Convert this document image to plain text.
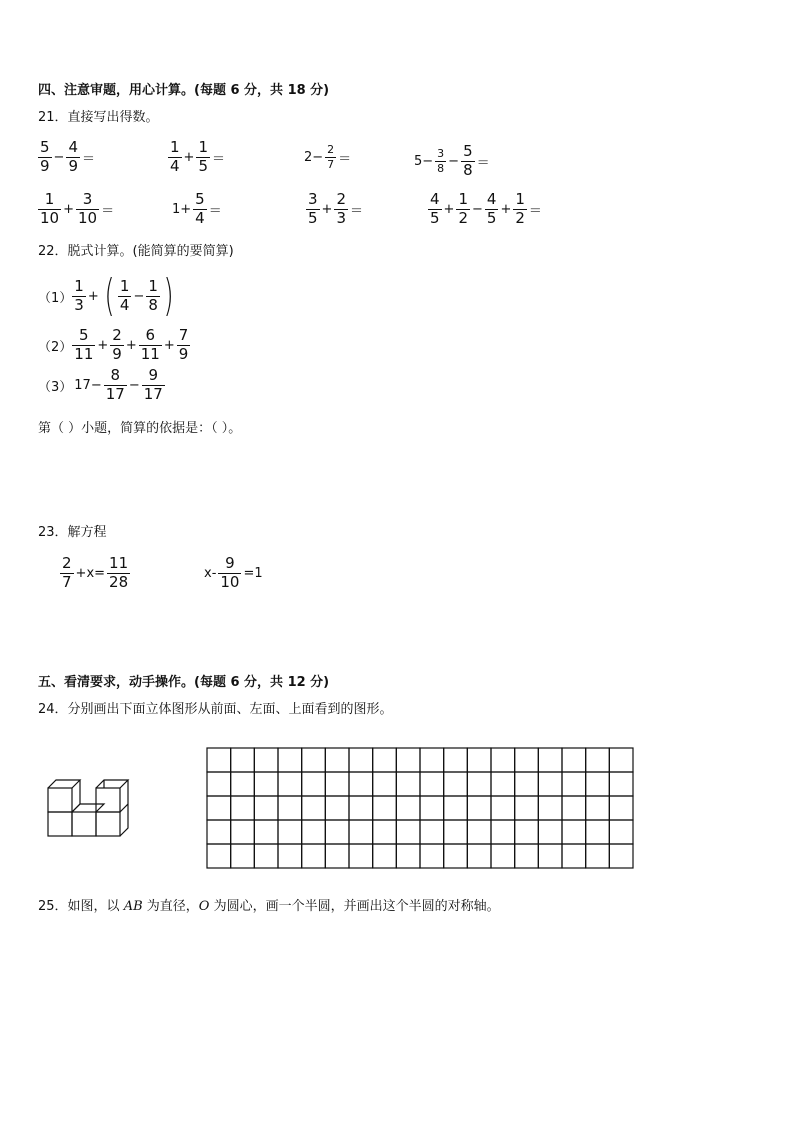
四、注意审题，用心计算。(每题 6 分，共 18 分)
21．直接写出得数。
$\frac{5}{9} - \frac{4}{9}$ ＝	$\frac{1}{4} + \frac{1}{5}$ ＝	$2- \frac{2}{7}$ ＝	$5- \frac{3}{8} - \frac{5}{8}$ ＝
$\frac{1}{10} + \frac{3}{10}$ ＝	$1+ \frac{5}{4}$ ＝	$\frac{3}{5} + \frac{2}{3}$ ＝	$\frac{4}{5} + \frac{1}{2} - \frac{4}{5} + \frac{1}{2}$ ＝
22．脱式计算。(能简算的要简算)
$(1) \frac{1}{3}$ + ( $\frac{1}{4} - \frac{1}{8}$ )
$(2) \frac{5}{11} + \frac{2}{9} + \frac{6}{11} + \frac{7}{9}$
（3） $17- \frac{8}{17} - \frac{9}{17}$
第（ ）小题，简算的依据是：（ ）。
23．解方程
$\frac{2}{7} +x= \frac{11}{28}$	$x- \frac{9}{10} =1$
五、看清要求，动手操作。(每题 6 分，共 12 分)
24．分别画出下面立体图形从前面、左面、上面看到的图形。
25．如图，以 AB 为直径，O 为圆心，画一个半圆，并画出这个半圆的对称轴。
